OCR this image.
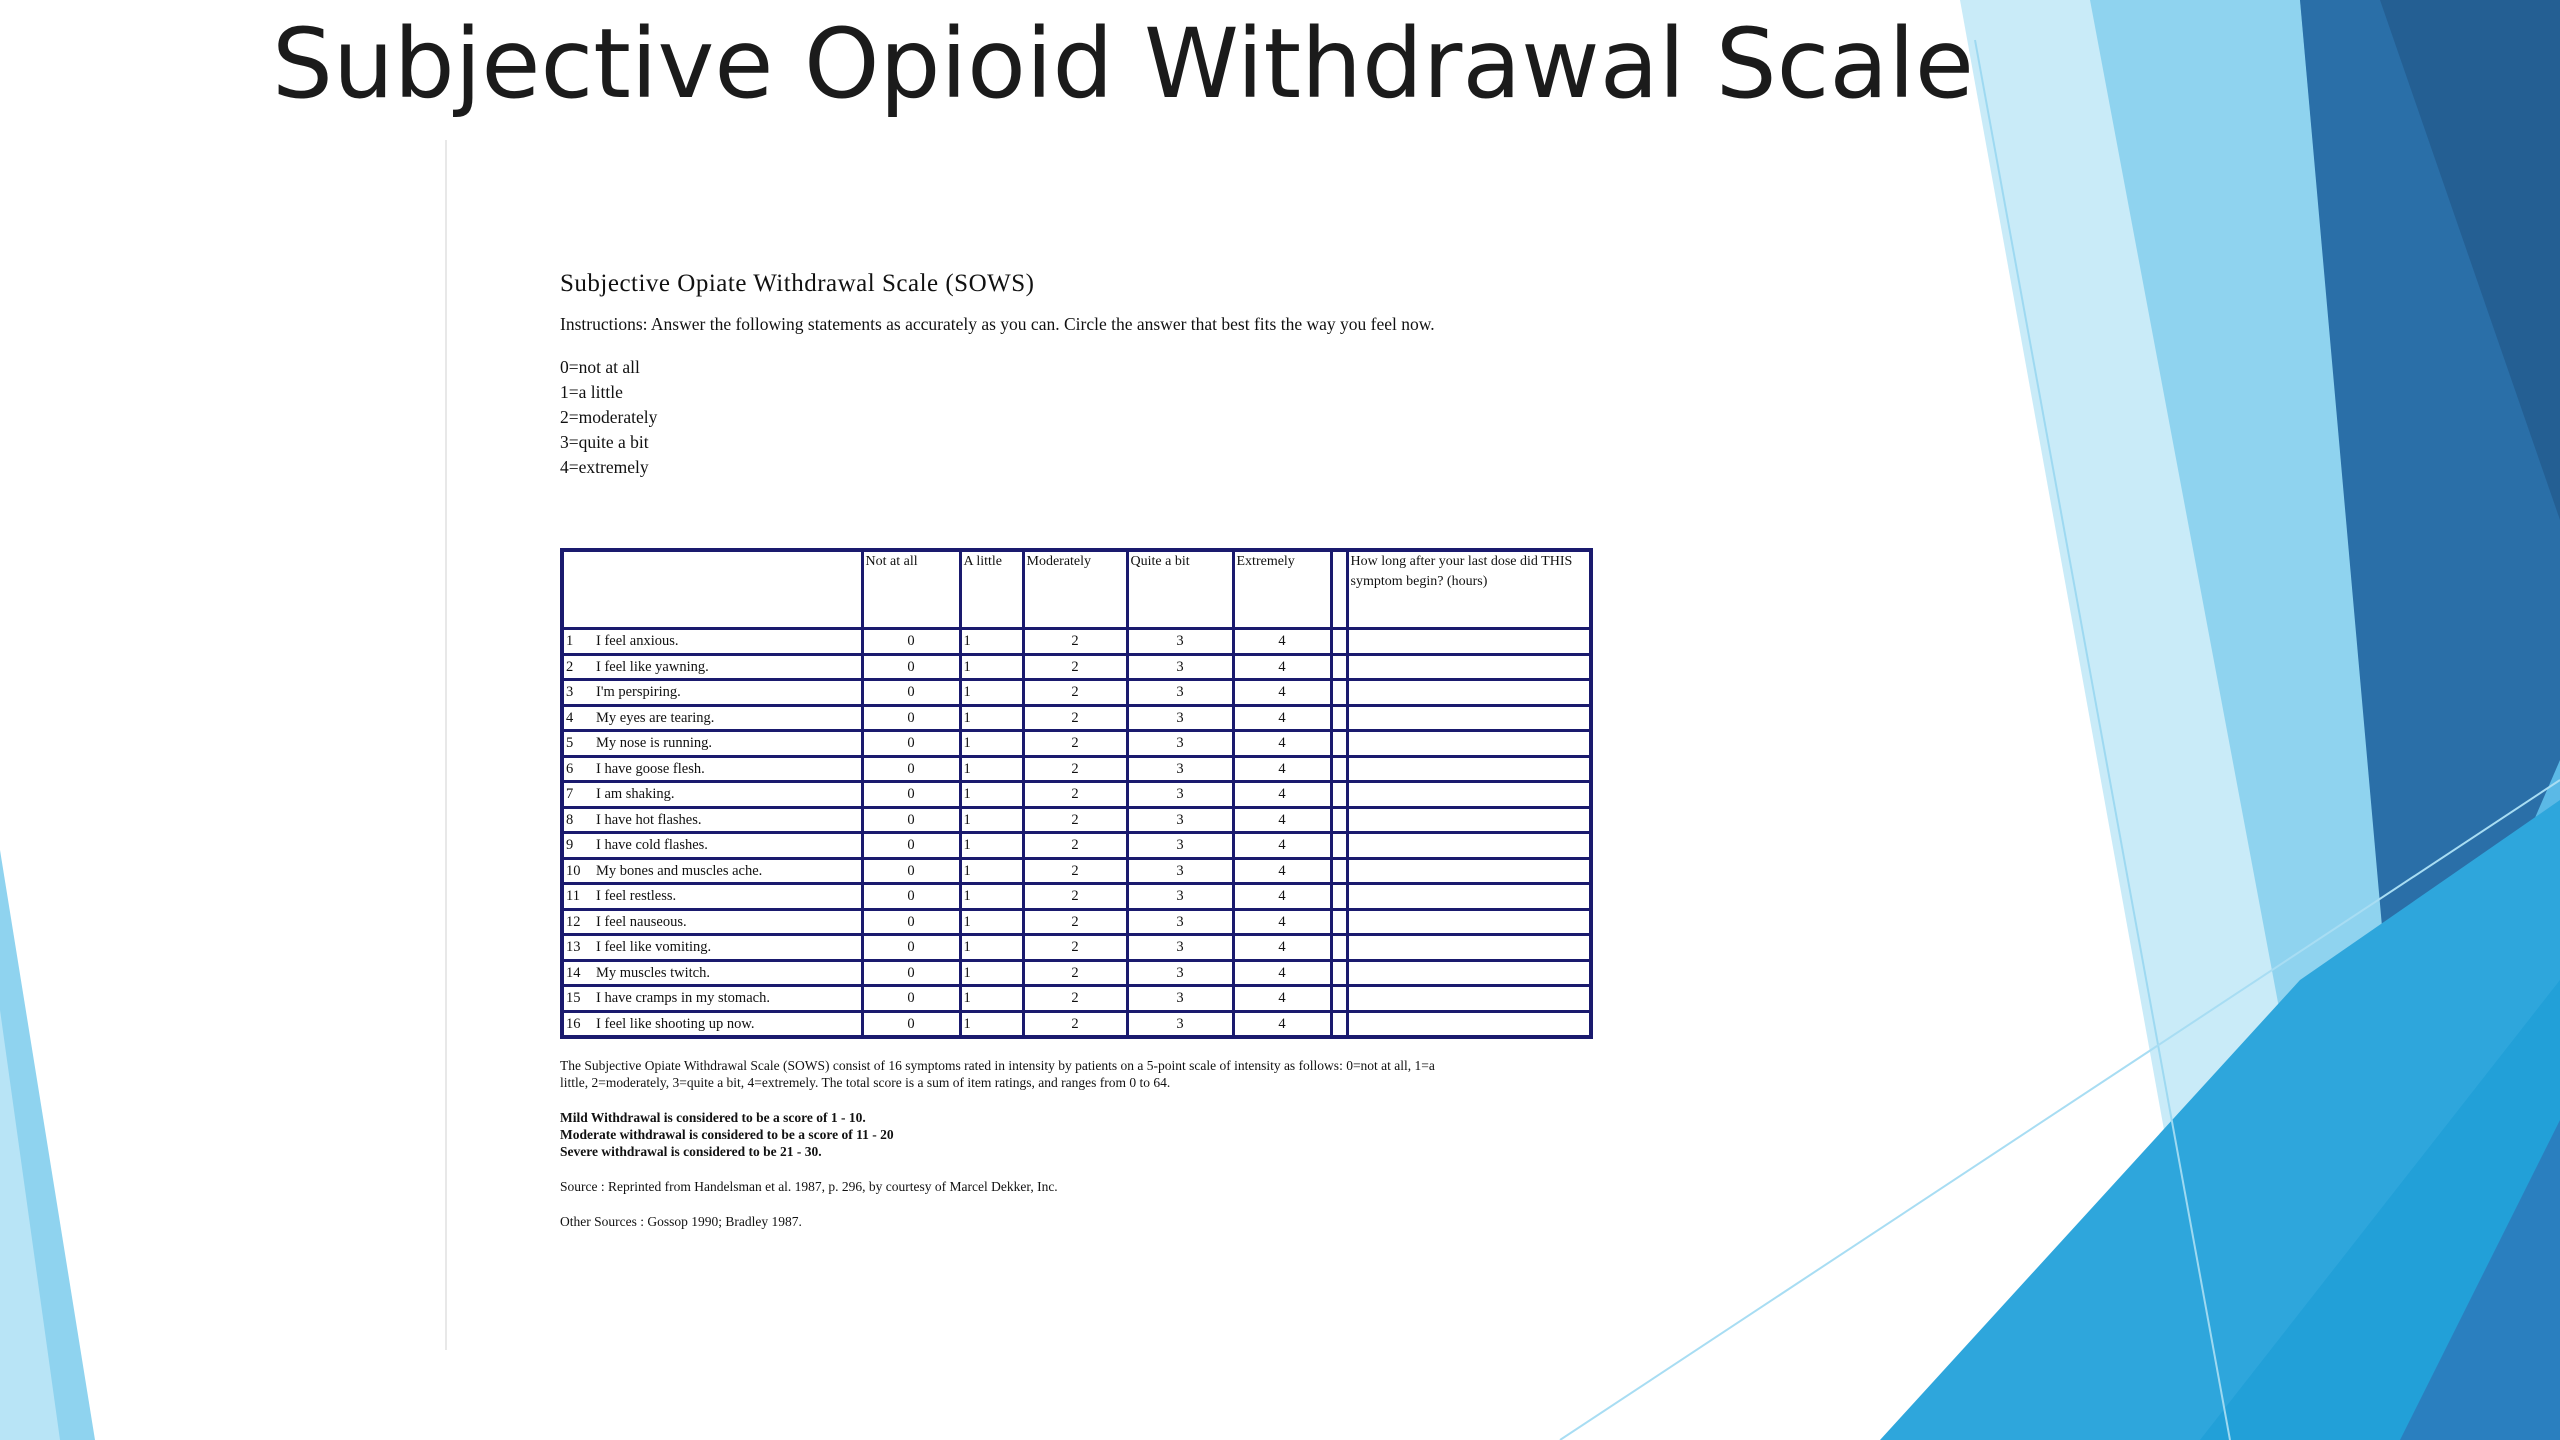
Subjective Opioid Withdrawal Scale
Subjective Opiate Withdrawal Scale (SOWS)
Instructions: Answer the following statements as accurately as you can. Circle the answer that best fits the way you feel now.
0=not at all
1=a little
2=moderately
3=quite a bit
4=extremely
	Not at all	A little	Moderately	Quite a bit	Extremely		How long after your last dose did THIS symptom begin? (hours)
1 I feel anxious.	0	1	2	3	4		
2 I feel like yawning.	0	1	2	3	4		
3 I'm perspiring.	0	1	2	3	4		
4 My eyes are tearing.	0	1	2	3	4		
5 My nose is running.	0	1	2	3	4		
6 I have goose flesh.	0	1	2	3	4		
7 I am shaking.	0	1	2	3	4		
8 I have hot flashes.	0	1	2	3	4		
9 I have cold flashes.	0	1	2	3	4		
10 My bones and muscles ache.	0	1	2	3	4		
11 I feel restless.	0	1	2	3	4		
12 I feel nauseous.	0	1	2	3	4		
13 I feel like vomiting.	0	1	2	3	4		
14 My muscles twitch.	0	1	2	3	4		
15 I have cramps in my stomach.	0	1	2	3	4		
16 I feel like shooting up now.	0	1	2	3	4		

The Subjective Opiate Withdrawal Scale (SOWS) consist of 16 symptoms rated in intensity by patients on a 5-point scale of intensity as follows: 0=not at all, 1=a little, 2=moderately, 3=quite a bit, 4=extremely. The total score is a sum of item ratings, and ranges from 0 to 64.

Mild Withdrawal is considered to be a score of 1 - 10.
Moderate withdrawal is considered to be a score of 11 - 20
Severe withdrawal is considered to be 21 - 30.

Source : Reprinted from Handelsman et al. 1987, p. 296, by courtesy of Marcel Dekker, Inc.

Other Sources : Gossop 1990; Bradley 1987.
